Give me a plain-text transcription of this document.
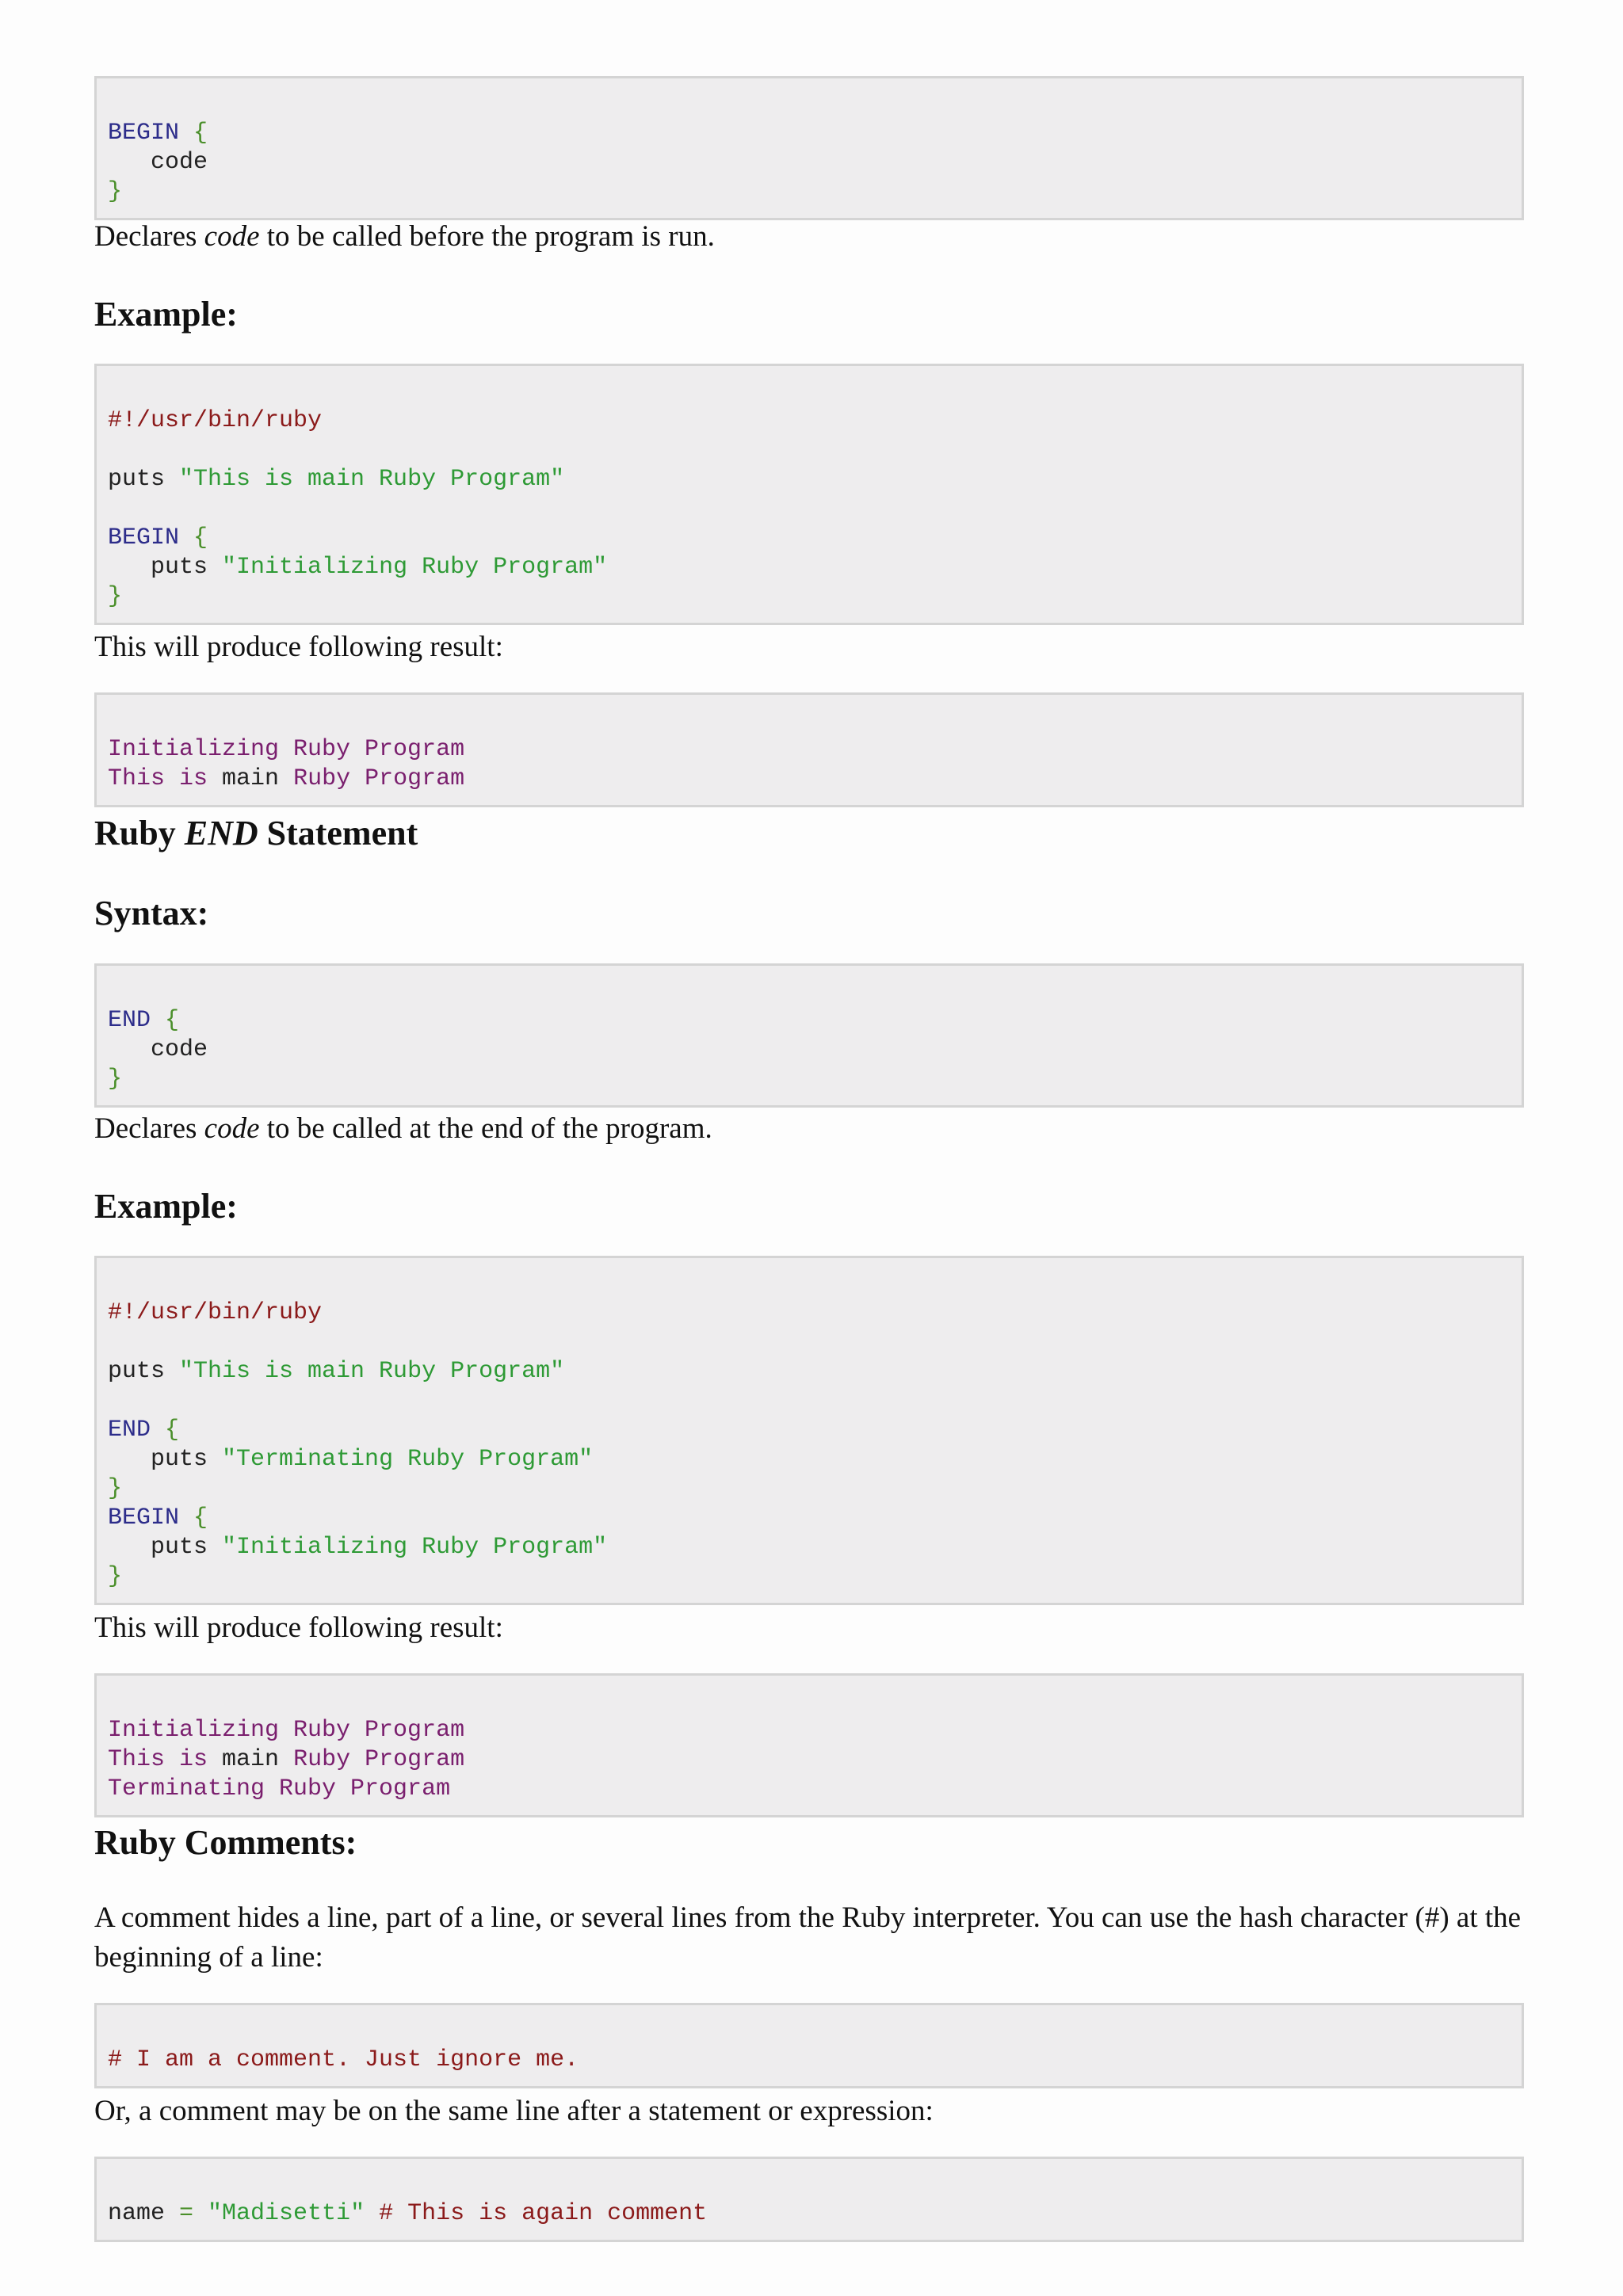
BEGIN {
code
}
Declares code to be called before the program is run.
Example:

#!/usr/bin/ruby
puts "This is main Ruby Program"
BEGIN {
puts "Initializing Ruby Program"
}
This will produce following result:

Initializing Ruby Program
This is main Ruby Program
Ruby END Statement
Syntax:

END {
code
}
Declares code to be called at the end of the program.
Example:

#!/usr/bin/ruby
puts "This is main Ruby Program"
END {
puts "Terminating Ruby Program"
}
BEGIN {
puts "Initializing Ruby Program"
}
This will produce following result:

Initializing Ruby Program
This is main Ruby Program
Terminating Ruby Program
Ruby Comments:
A comment hides a line, part of a line, or several lines from the Ruby interpreter. You can use the hash character (#) at the beginning of a line:

# I am a comment. Just ignore me.
Or, a comment may be on the same line after a statement or expression:

name = "Madisetti" # This is again comment
